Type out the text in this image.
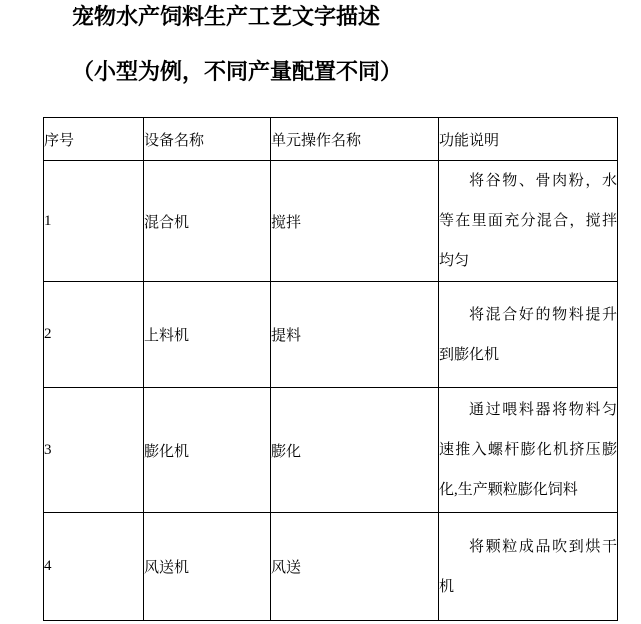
宠物水产饲料生产工艺文字描述
（小型为例，不同产量配置不同）
序号	设备名称	单元操作名称	功能说明
1	混合机	搅拌	将谷物、骨肉粉，水等在里面充分混合，搅拌均匀

2	上料机	提料	将混合好的物料提升到膨化机

3	膨化机	膨化	通过喂料器将物料匀速推入螺杆膨化机挤压膨化,生产颗粒膨化饲料

4	风送机	风送	将颗粒成品吹到烘干机
